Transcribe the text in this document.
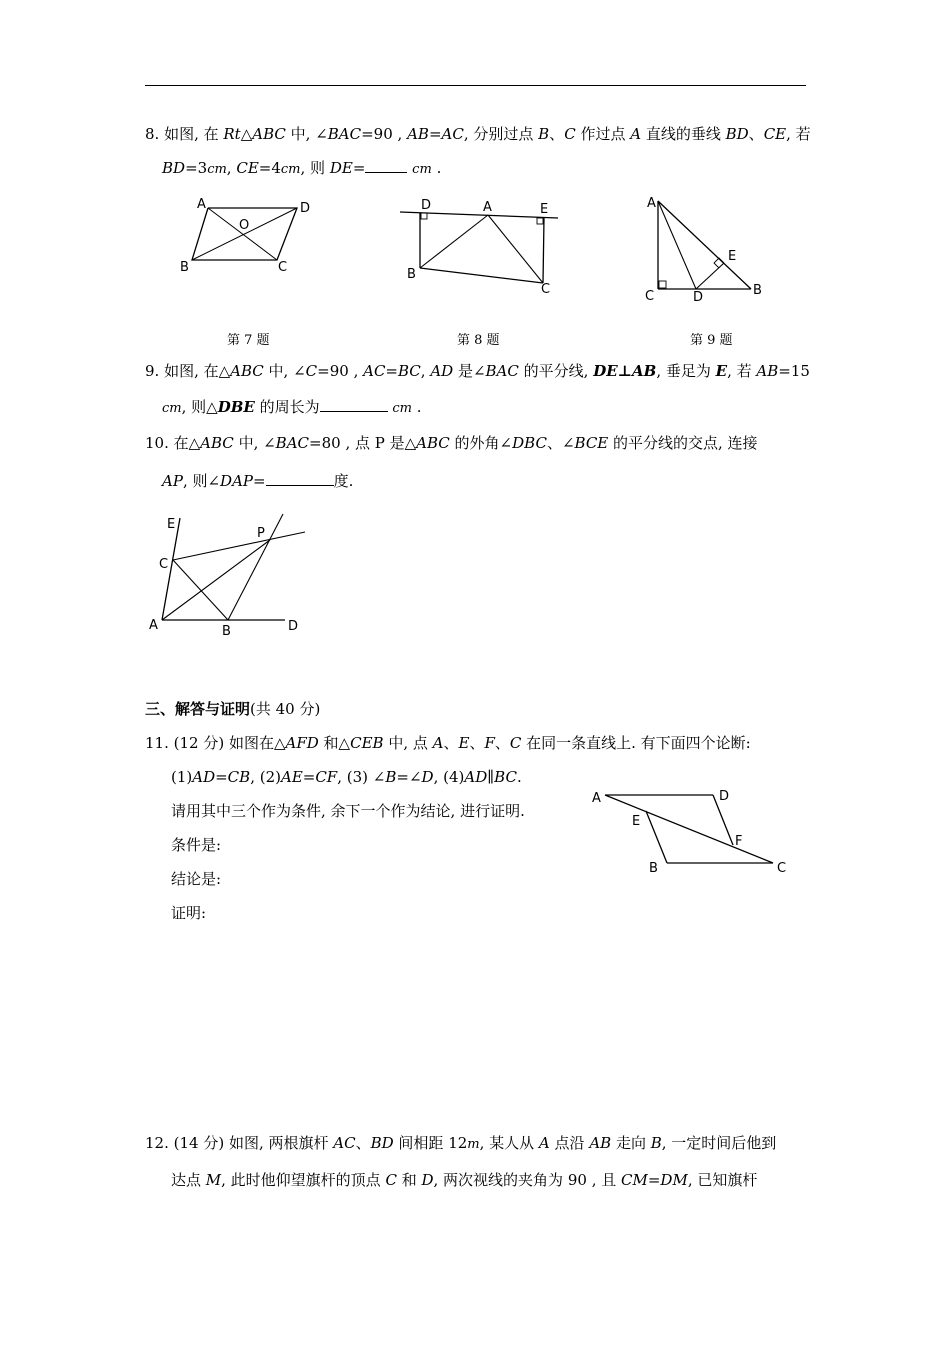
8. 如图, 在 Rt△ABC 中, ∠BAC=90 , AB=AC, 分别过点 B、C 作过点 A 直线的垂线 BD、CE, 若
BD=3cm, CE=4cm, 则 DE=	cm .
A	D
O
B	C
D	A	E
B
C
A
E
C	D	B
第 7 题	第 8 题	第 9 题
9. 如图, 在△ABC 中, ∠C=90 , AC=BC, AD 是∠BAC 的平分线, DE⊥AB, 垂足为 E, 若 AB=15
cm, 则△DBE 的周长为	cm .
10. 在△ABC 中, ∠BAC=80 , 点 P 是△ABC 的外角∠DBC、∠BCE 的平分线的交点, 连接
AP, 则∠DAP=	度.
E
P
C
A	B	D
三、解答与证明(共 40 分)
11. (12 分) 如图在△AFD 和△CEB 中, 点 A、E、F、C 在同一条直线上. 有下面四个论断:
(1)AD=CB, (2)AE=CF, (3) ∠B=∠D, (4)AD∥BC.
请用其中三个作为条件, 余下一个作为结论, 进行证明.
条件是:
结论是:
证明:
A	D
E
F
B	C
12. (14 分) 如图, 两根旗杆 AC、BD 间相距 12m, 某人从 A 点沿 AB 走向 B, 一定时间后他到
达点 M, 此时他仰望旗杆的顶点 C 和 D, 两次视线的夹角为 90 , 且 CM=DM, 已知旗杆
